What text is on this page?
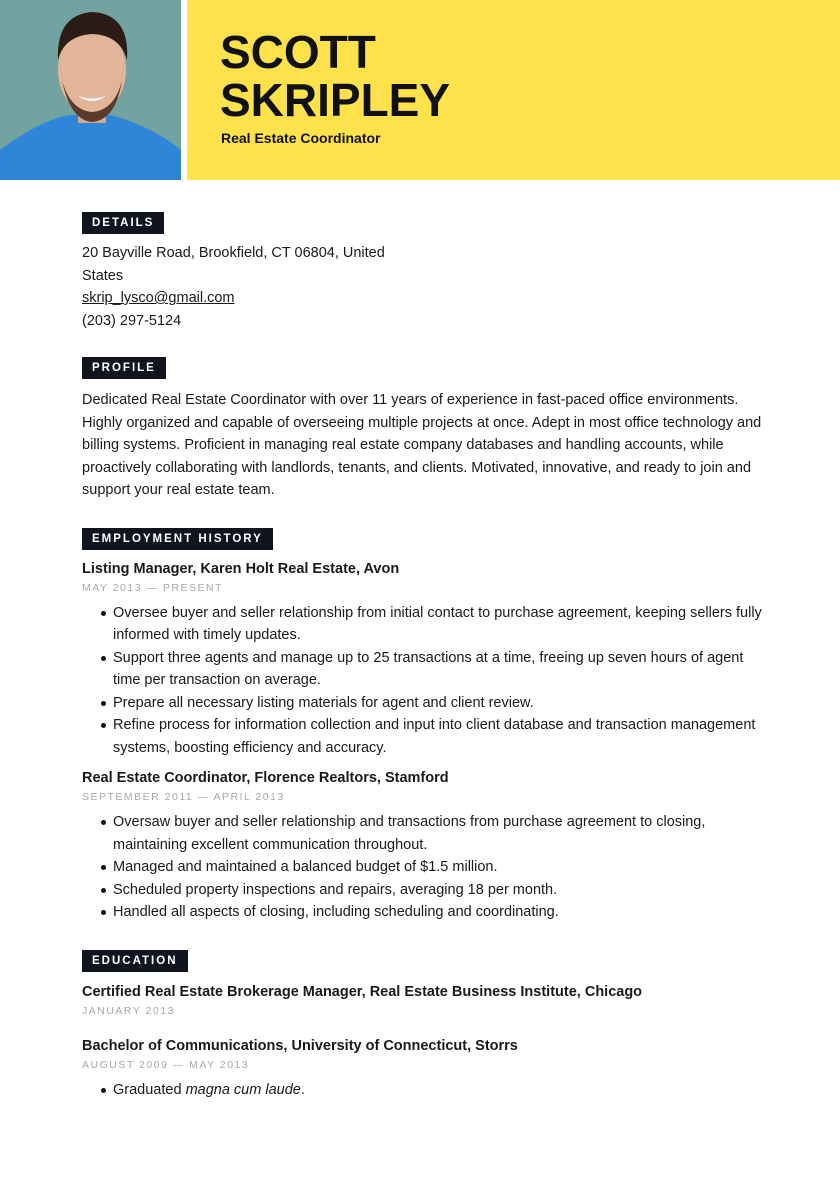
SCOTT
SKRIPLEY
Real Estate Coordinator
DETAILS
20 Bayville Road, Brookfield, CT 06804, United
States
skrip_lysco@gmail.com
(203) 297-5124
PROFILE

Dedicated Real Estate Coordinator with over 11 years of experience in fast-paced office environments. Highly organized and capable of overseeing multiple projects at once. Adept in most office technology and billing systems. Proficient in managing real estate company databases and handling accounts, while proactively collaborating with landlords, tenants, and clients. Motivated, innovative, and ready to join and support your real estate team.

EMPLOYMENT HISTORY
Listing Manager, Karen Holt Real Estate, Avon
MAY 2013 — PRESENT
Oversee buyer and seller relationship from initial contact to purchase agreement, keeping sellers fully informed with timely updates.
Support three agents and manage up to 25 transactions at a time, freeing up seven hours of agent time per transaction on average.
Prepare all necessary listing materials for agent and client review.
Refine process for information collection and input into client database and transaction management systems, boosting efficiency and accuracy.
Real Estate Coordinator, Florence Realtors, Stamford
SEPTEMBER 2011 — APRIL 2013
Oversaw buyer and seller relationship and transactions from purchase agreement to closing, maintaining excellent communication throughout.
Managed and maintained a balanced budget of $1.5 million.
Scheduled property inspections and repairs, averaging 18 per month.
Handled all aspects of closing, including scheduling and coordinating.
EDUCATION
Certified Real Estate Brokerage Manager, Real Estate Business Institute, Chicago
JANUARY 2013
Bachelor of Communications, University of Connecticut, Storrs
AUGUST 2009 — MAY 2013
Graduated magna cum laude.
